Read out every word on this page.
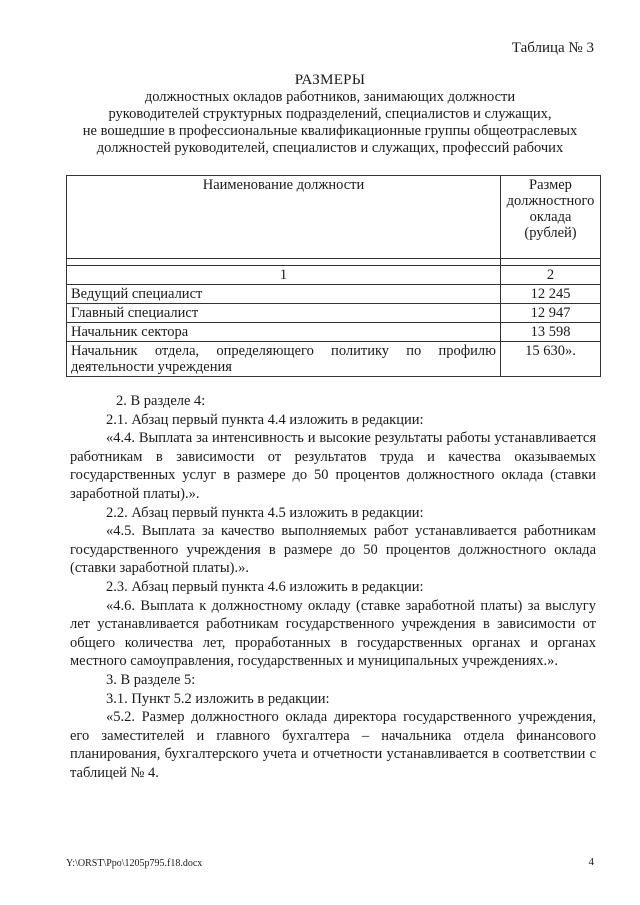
Таблица № 3
РАЗМЕРЫ
должностных окладов работников, занимающих должности
руководителей структурных подразделений, специалистов и служащих,
не вошедшие в профессиональные квалификационные группы общеотраслевых
должностей руководителей, специалистов и служащих, профессий рабочих
Наименование должности	Размер
должностного
оклада
(рублей)

1	2
Ведущий специалист	12 245
Главный специалист	12 947
Начальник сектора	13 598

Начальник отдела, определяющего политику по профилю
деятельности учреждения	15 630».

2. В разделе 4:

2.1. Абзац первый пункта 4.4 изложить в редакции:

«4.4. Выплата за интенсивность и высокие результаты работы устанавливается работникам в зависимости от результатов труда и качества оказываемых государственных услуг в размере до 50 процентов должностного оклада (ставки заработной платы).».

2.2. Абзац первый пункта 4.5 изложить в редакции:

«4.5. Выплата за качество выполняемых работ устанавливается работникам государственного учреждения в размере до 50 процентов должностного оклада (ставки заработной платы).».

2.3. Абзац первый пункта 4.6 изложить в редакции:

«4.6. Выплата к должностному окладу (ставке заработной платы) за выслугу лет устанавливается работникам государственного учреждения в зависимости от общего количества лет, проработанных в государственных органах и органах местного самоуправления, государственных и муниципальных учреждениях.».

3. В разделе 5:

3.1. Пункт 5.2 изложить в редакции:

«5.2. Размер должностного оклада директора государственного учреждения, его заместителей и главного бухгалтера – начальника отдела финансового планирования, бухгалтерского учета и отчетности устанавливается в соответствии с таблицей № 4.

Y:\ORST\Ppo\1205p795.f18.docx	4
